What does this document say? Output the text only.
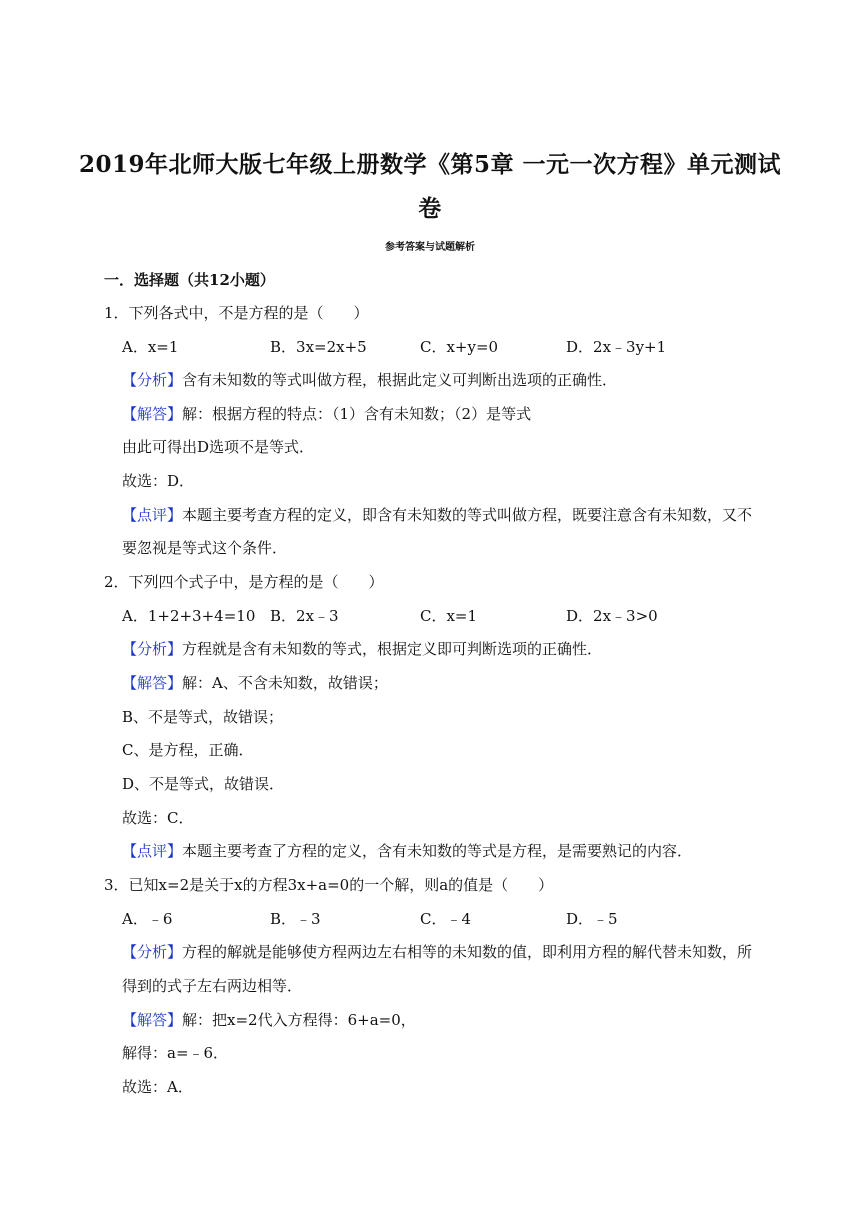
2019年北师大版七年级上册数学《第5章 一元一次方程》单元测试
卷
参考答案与试题解析
一．选择题（共12小题）
1．下列各式中，不是方程的是（　　）
A．x=1	B．3x=2x+5	C．x+y=0	D．2x﹣3y+1
【分析】含有未知数的等式叫做方程，根据此定义可判断出选项的正确性．
【解答】解：根据方程的特点：（1）含有未知数；（2）是等式
由此可得出D选项不是等式．
故选：D．
【点评】本题主要考查方程的定义，即含有未知数的等式叫做方程，既要注意含有未知数，又不
要忽视是等式这个条件．
2．下列四个式子中，是方程的是（　　）
A．1+2+3+4=10 B．2x﹣3	C．x=1	D．2x﹣3>0
【分析】方程就是含有未知数的等式，根据定义即可判断选项的正确性．
【解答】解：A、不含未知数，故错误；
B、不是等式，故错误；
C、是方程，正确．
D、不是等式，故错误．
故选：C．
【点评】本题主要考查了方程的定义，含有未知数的等式是方程，是需要熟记的内容．
3．已知x=2是关于x的方程3x+a=0的一个解，则a的值是（　　）
A．﹣6	B．﹣3	C．﹣4	D．﹣5
【分析】方程的解就是能够使方程两边左右相等的未知数的值，即利用方程的解代替未知数，所
得到的式子左右两边相等．
【解答】解：把x=2代入方程得：6+a=0，
解得：a=﹣6．
故选：A．
